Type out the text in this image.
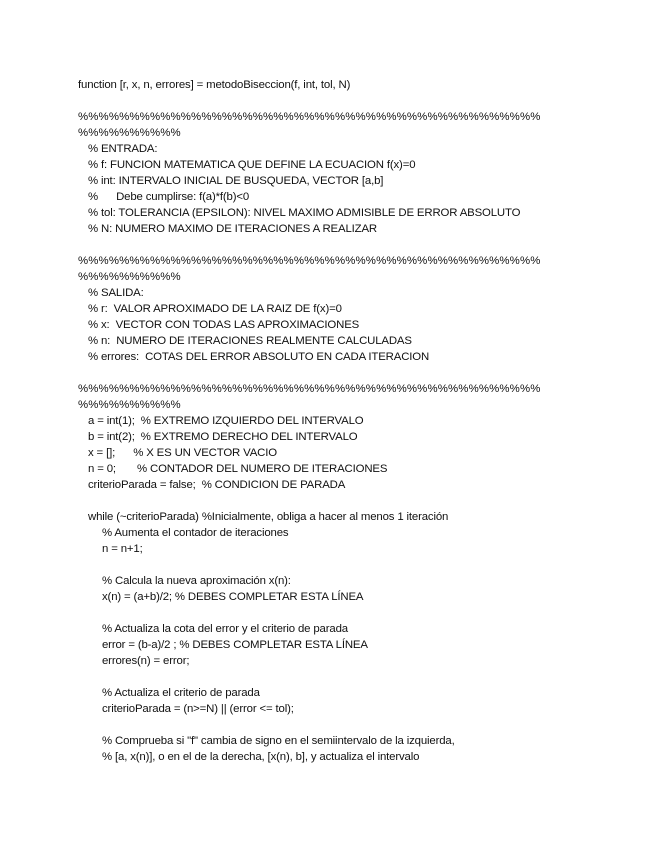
function [r, x, n, errores] = metodoBiseccion(f, int, tol, N)
%%%%%%%%%%%%%%%%%%%%%%%%%%%%%%%%%%%%%%%%%%%%%
%%%%%%%%%%
% ENTRADA:
% f: FUNCION MATEMATICA QUE DEFINE LA ECUACION f(x)=0
% int: INTERVALO INICIAL DE BUSQUEDA, VECTOR [a,b]
%      Debe cumplirse: f(a)*f(b)<0
% tol: TOLERANCIA (EPSILON): NIVEL MAXIMO ADMISIBLE DE ERROR ABSOLUTO
% N: NUMERO MAXIMO DE ITERACIONES A REALIZAR
%%%%%%%%%%%%%%%%%%%%%%%%%%%%%%%%%%%%%%%%%%%%%
%%%%%%%%%%
% SALIDA:
% r:  VALOR APROXIMADO DE LA RAIZ DE f(x)=0
% x:  VECTOR CON TODAS LAS APROXIMACIONES
% n:  NUMERO DE ITERACIONES REALMENTE CALCULADAS
% errores:  COTAS DEL ERROR ABSOLUTO EN CADA ITERACION
%%%%%%%%%%%%%%%%%%%%%%%%%%%%%%%%%%%%%%%%%%%%%
%%%%%%%%%%
a = int(1);  % EXTREMO IZQUIERDO DEL INTERVALO
b = int(2);  % EXTREMO DERECHO DEL INTERVALO
x = [];      % X ES UN VECTOR VACIO
n = 0;       % CONTADOR DEL NUMERO DE ITERACIONES
criterioParada = false;  % CONDICION DE PARADA
while (~criterioParada) %Inicialmente, obliga a hacer al menos 1 iteración
% Aumenta el contador de iteraciones
n = n+1;
% Calcula la nueva aproximación x(n):
x(n) = (a+b)/2; % DEBES COMPLETAR ESTA LÍNEA
% Actualiza la cota del error y el criterio de parada
error = (b-a)/2 ; % DEBES COMPLETAR ESTA LÍNEA
errores(n) = error;
% Actualiza el criterio de parada
criterioParada = (n>=N) || (error <= tol);
% Comprueba si "f" cambia de signo en el semiintervalo de la izquierda,
% [a, x(n)], o en el de la derecha, [x(n), b], y actualiza el intervalo
